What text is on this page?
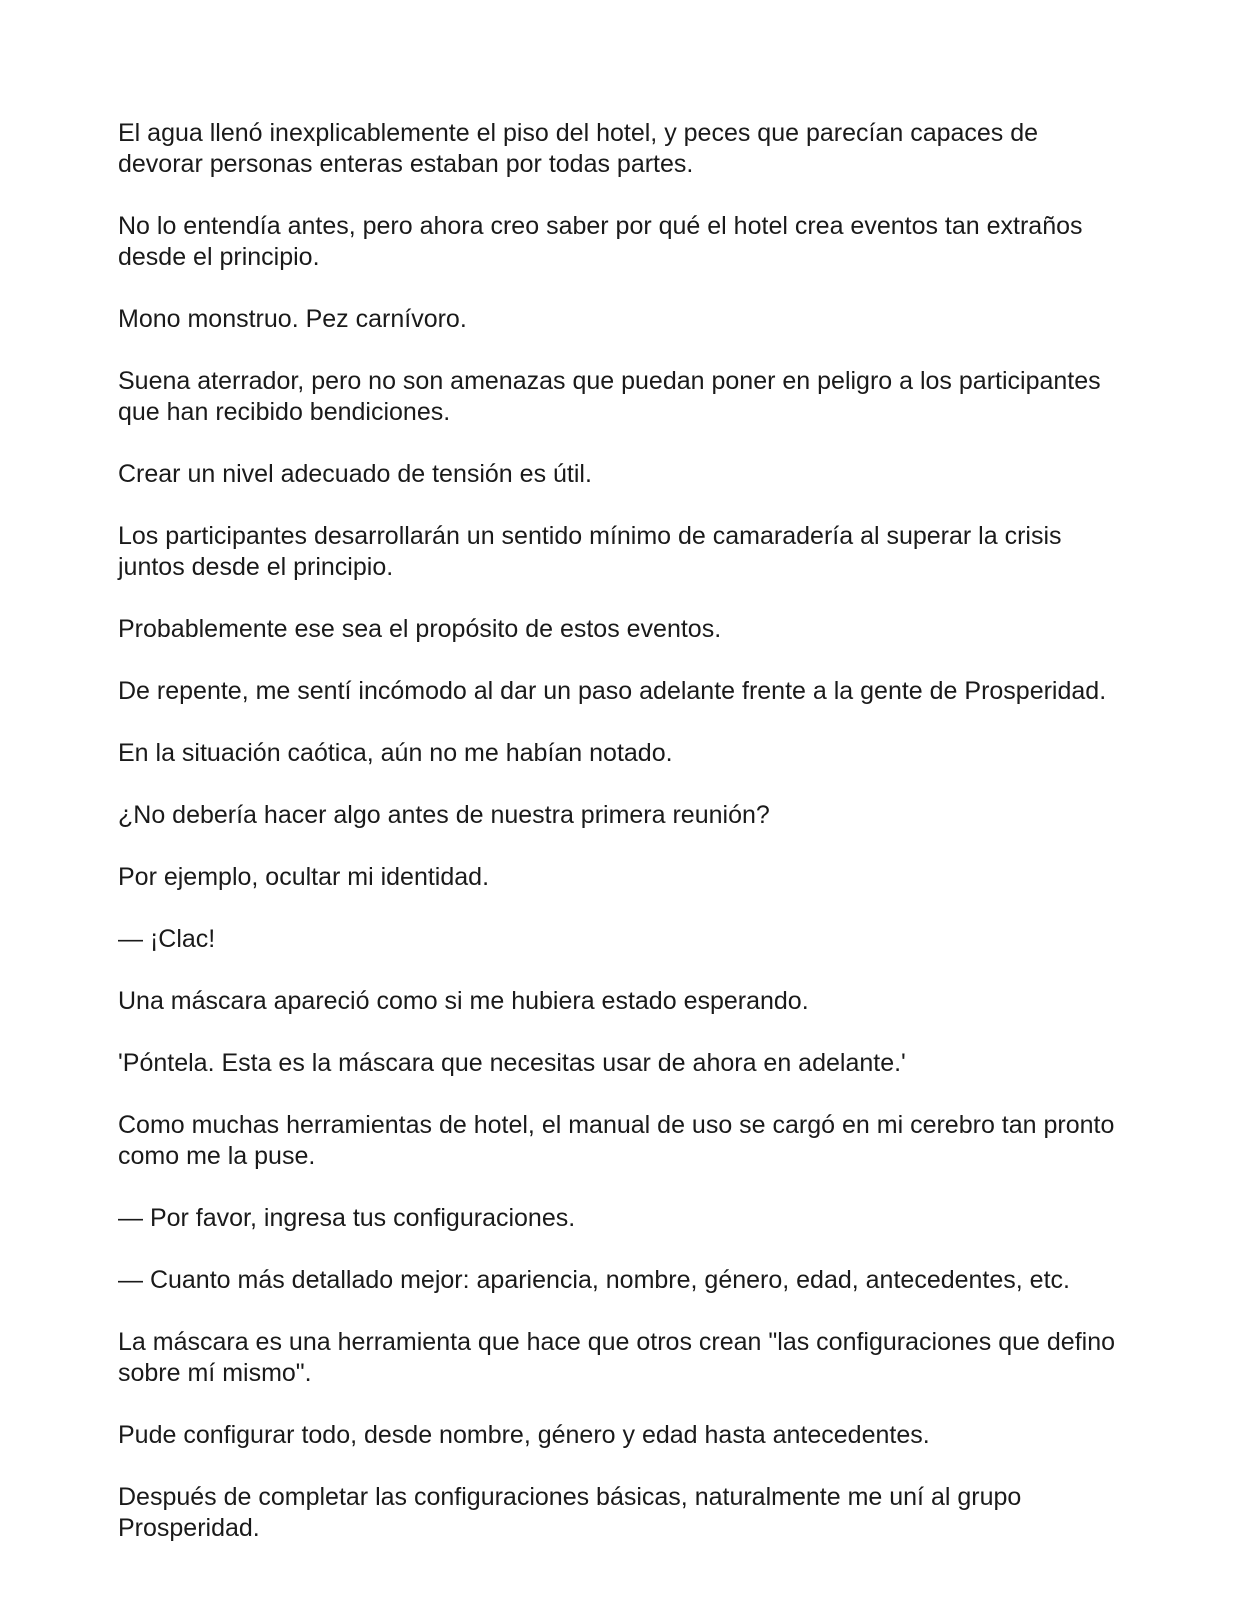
El agua llenó inexplicablemente el piso del hotel, y peces que parecían capaces de devorar personas enteras estaban por todas partes.

No lo entendía antes, pero ahora creo saber por qué el hotel crea eventos tan extraños desde el principio.

Mono monstruo. Pez carnívoro.

Suena aterrador, pero no son amenazas que puedan poner en peligro a los participantes que han recibido bendiciones.

Crear un nivel adecuado de tensión es útil.

Los participantes desarrollarán un sentido mínimo de camaradería al superar la crisis juntos desde el principio.

Probablemente ese sea el propósito de estos eventos.

De repente, me sentí incómodo al dar un paso adelante frente a la gente de Prosperidad.

En la situación caótica, aún no me habían notado.

¿No debería hacer algo antes de nuestra primera reunión?

Por ejemplo, ocultar mi identidad.

— ¡Clac!

Una máscara apareció como si me hubiera estado esperando.

'Póntela. Esta es la máscara que necesitas usar de ahora en adelante.'

Como muchas herramientas de hotel, el manual de uso se cargó en mi cerebro tan pronto como me la puse.

— Por favor, ingresa tus configuraciones.

— Cuanto más detallado mejor: apariencia, nombre, género, edad, antecedentes, etc.

La máscara es una herramienta que hace que otros crean "las configuraciones que defino sobre mí mismo".

Pude configurar todo, desde nombre, género y edad hasta antecedentes.

Después de completar las configuraciones básicas, naturalmente me uní al grupo Prosperidad.
